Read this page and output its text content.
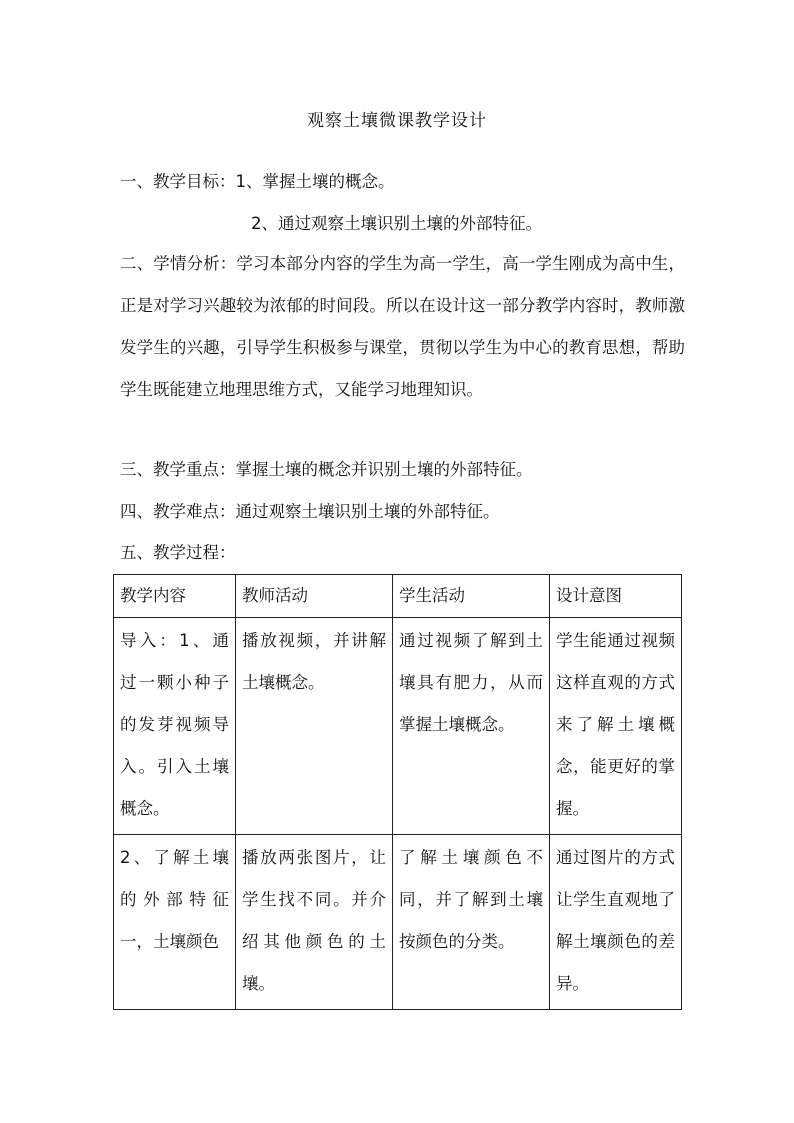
观察土壤微课教学设计
一、教学目标：1、掌握土壤的概念。
2、通过观察土壤识别土壤的外部特征。
二、学情分析：学习本部分内容的学生为高一学生，高一学生刚成为高中生，正是对学习兴趣较为浓郁的时间段。所以在设计这一部分教学内容时，教师激发学生的兴趣，引导学生积极参与课堂，贯彻以学生为中心的教育思想，帮助学生既能建立地理思维方式，又能学习地理知识。
三、教学重点：掌握土壤的概念并识别土壤的外部特征。
四、教学难点：通过观察土壤识别土壤的外部特征。
五、教学过程：
教学内容	教师活动	学生活动	设计意图
导入：1、通过一颗小种子的发芽视频导入。引入土壤概念。	播放视频，并讲解土壤概念。	通过视频了解到土壤具有肥力，从而掌握土壤概念。	学生能通过视频这样直观的方式来了解土壤概念，能更好的掌握。
2、了解土壤的外部特征一，土壤颜色	播放两张图片，让学生找不同。并介绍其他颜色的土壤。	了解土壤颜色不同，并了解到土壤按颜色的分类。	通过图片的方式让学生直观地了解土壤颜色的差异。
